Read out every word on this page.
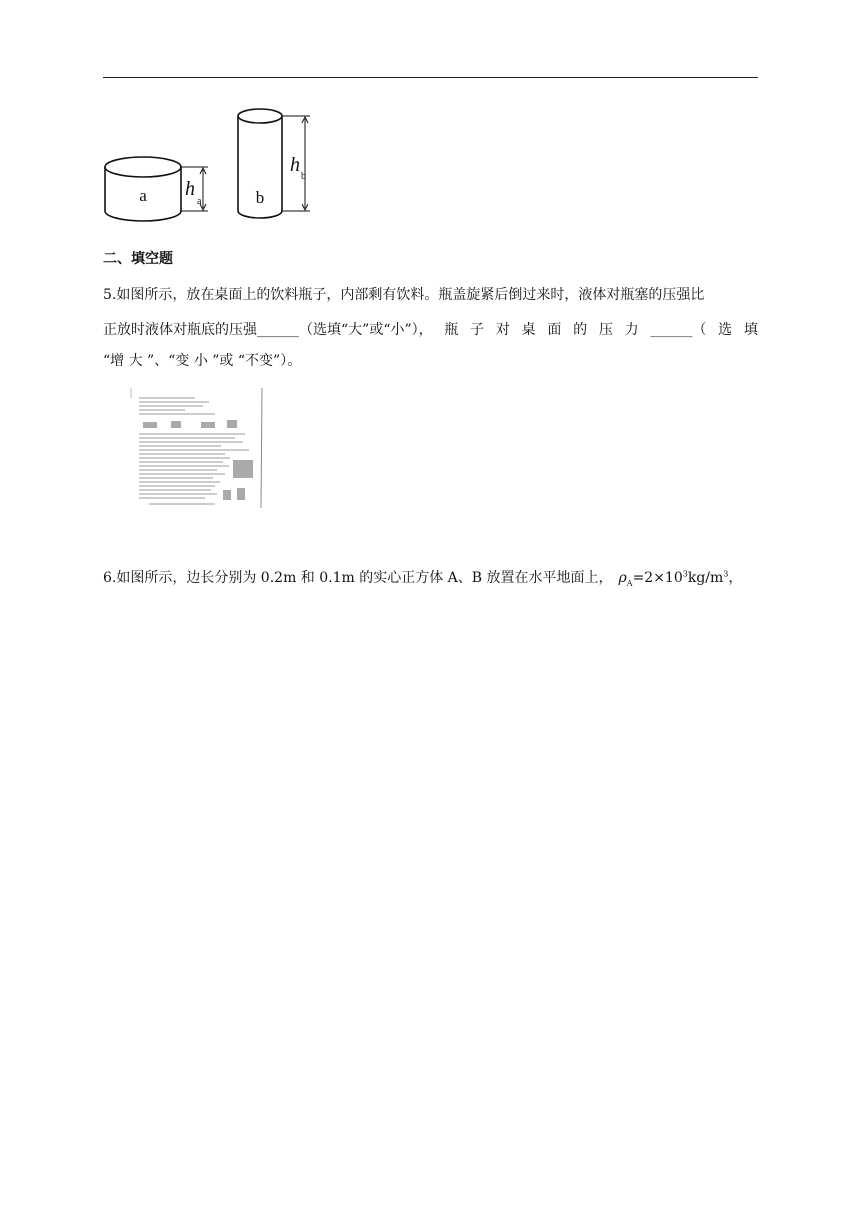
a	b
h
a
h
b
二、填空题
5.如图所示，放在桌面上的饮料瓶子，内部剩有饮料。瓶盖旋紧后倒过来时，液体对瓶塞的压强比
正放时液体对瓶底的压强______（选填“大”或“小”）， 瓶 子 对 桌 面 的 压 力 ______（ 选 填
“增 大 ”、“变 小 ”或 “不变”）。
6.如图所示，边长分别为 0.2m 和 0.1m 的实心正方体 A、B 放置在水平地面上， $\rho_A=2\times 10^3kg/m^3$，
